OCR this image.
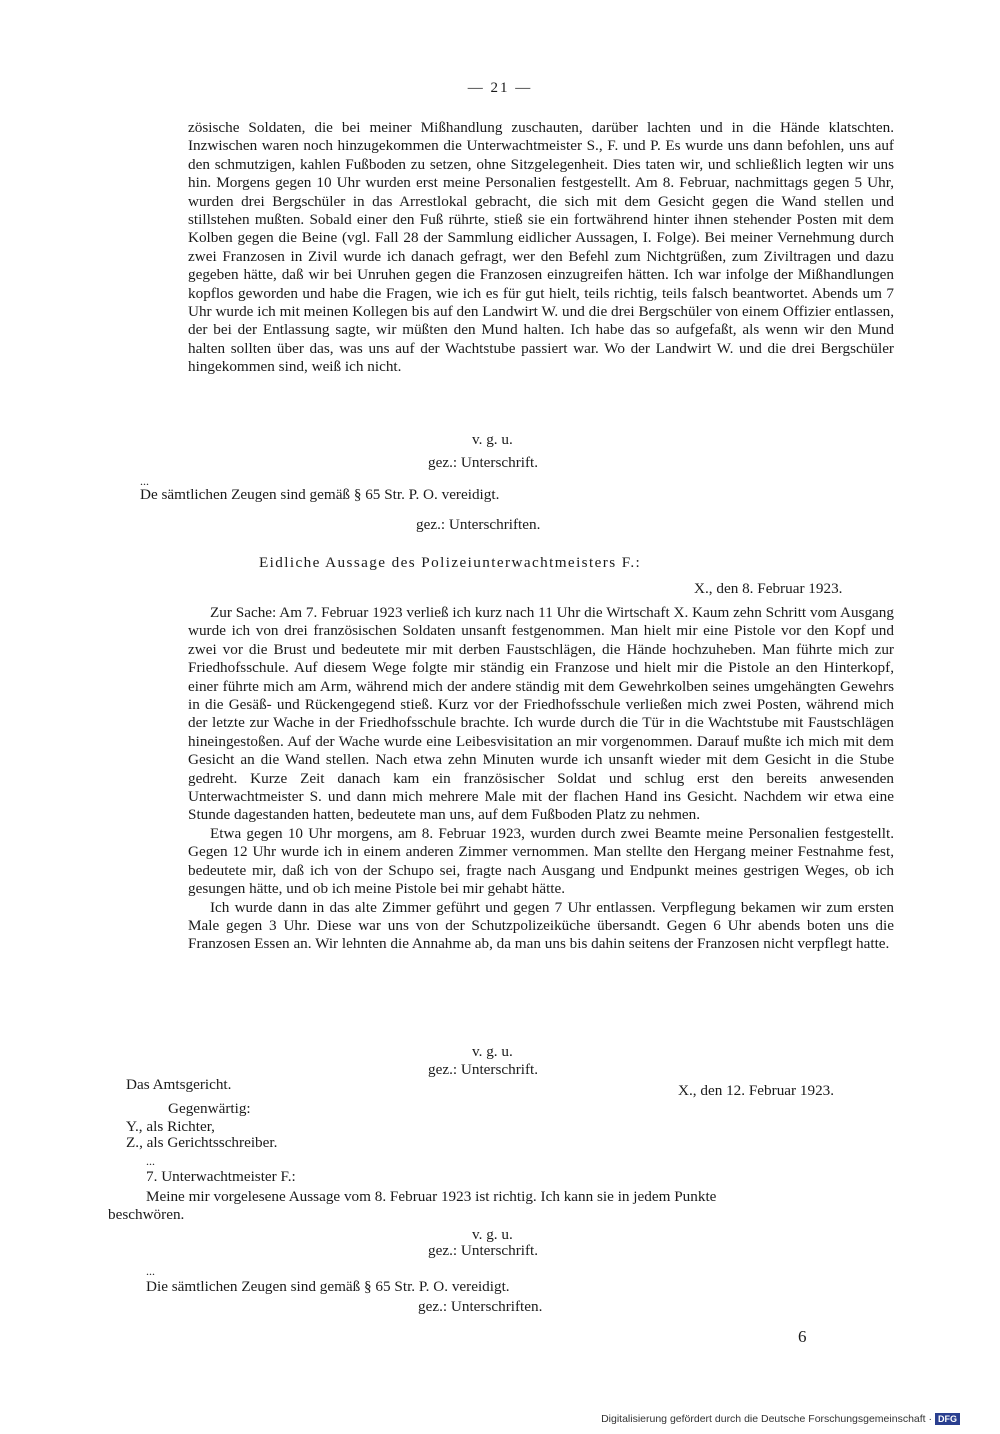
— 21 —

zösische Soldaten, die bei meiner Mißhandlung zuschauten, darüber lachten und in die Hände klatschten. Inzwischen waren noch hinzugekommen die Unterwachtmeister S., F. und P. Es wurde uns dann befohlen, uns auf den schmutzigen, kahlen Fußboden zu setzen, ohne Sitzgelegenheit. Dies taten wir, und schließlich legten wir uns hin. Morgens gegen 10 Uhr wurden erst meine Personalien festgestellt. Am 8. Februar, nachmittags gegen 5 Uhr, wurden drei Bergschüler in das Arrestlokal gebracht, die sich mit dem Gesicht gegen die Wand stellen und stillstehen mußten. Sobald einer den Fuß rührte, stieß sie ein fortwährend hinter ihnen stehender Posten mit dem Kolben gegen die Beine (vgl. Fall 28 der Sammlung eidlicher Aussagen, I. Folge). Bei meiner Vernehmung durch zwei Franzosen in Zivil wurde ich danach gefragt, wer den Befehl zum Nichtgrüßen, zum Ziviltragen und dazu gegeben hätte, daß wir bei Unruhen gegen die Franzosen einzugreifen hätten. Ich war infolge der Mißhandlungen kopflos geworden und habe die Fragen, wie ich es für gut hielt, teils richtig, teils falsch beantwortet. Abends um 7 Uhr wurde ich mit meinen Kollegen bis auf den Landwirt W. und die drei Bergschüler von einem Offizier entlassen, der bei der Entlassung sagte, wir müßten den Mund halten. Ich habe das so aufgefaßt, als wenn wir den Mund halten sollten über das, was uns auf der Wachtstube passiert war. Wo der Landwirt W. und die drei Bergschüler hingekommen sind, weiß ich nicht.

v. g. u.
gez.: Unterschrift.
...
De sämtlichen Zeugen sind gemäß § 65 Str. P. O. vereidigt.
gez.: Unterschriften.
Eidliche Aussage des Polizeiunterwachtmeisters F.:
X., den 8. Februar 1923.

Zur Sache: Am 7. Februar 1923 verließ ich kurz nach 11 Uhr die Wirtschaft X. Kaum zehn Schritt vom Ausgang wurde ich von drei französischen Soldaten unsanft festgenommen. Man hielt mir eine Pistole vor den Kopf und zwei vor die Brust und bedeutete mir mit derben Faustschlägen, die Hände hochzuheben. Man führte mich zur Friedhofsschule. Auf diesem Wege folgte mir ständig ein Franzose und hielt mir die Pistole an den Hinterkopf, einer führte mich am Arm, während mich der andere ständig mit dem Gewehrkolben seines umgehängten Gewehrs in die Gesäß- und Rückengegend stieß. Kurz vor der Friedhofsschule verließen mich zwei Posten, während mich der letzte zur Wache in der Friedhofsschule brachte. Ich wurde durch die Tür in die Wachtstube mit Faustschlägen hineingestoßen. Auf der Wache wurde eine Leibesvisitation an mir vorgenommen. Darauf mußte ich mich mit dem Gesicht an die Wand stellen. Nach etwa zehn Minuten wurde ich unsanft wieder mit dem Gesicht in die Stube gedreht. Kurze Zeit danach kam ein französischer Soldat und schlug erst den bereits anwesenden Unterwachtmeister S. und dann mich mehrere Male mit der flachen Hand ins Gesicht. Nachdem wir etwa eine Stunde dagestanden hatten, bedeutete man uns, auf dem Fußboden Platz zu nehmen.

Etwa gegen 10 Uhr morgens, am 8. Februar 1923, wurden durch zwei Beamte meine Personalien festgestellt. Gegen 12 Uhr wurde ich in einem anderen Zimmer vernommen. Man stellte den Hergang meiner Festnahme fest, bedeutete mir, daß ich von der Schupo sei, fragte nach Ausgang und Endpunkt meines gestrigen Weges, ob ich gesungen hätte, und ob ich meine Pistole bei mir gehabt hätte.

Ich wurde dann in das alte Zimmer geführt und gegen 7 Uhr entlassen. Verpflegung bekamen wir zum ersten Male gegen 3 Uhr. Diese war uns von der Schutzpolizeiküche übersandt. Gegen 6 Uhr abends boten uns die Franzosen Essen an. Wir lehnten die Annahme ab, da man uns bis dahin seitens der Franzosen nicht verpflegt hatte.

v. g. u.
gez.: Unterschrift.
Das Amtsgericht.	X., den 12. Februar 1923.
Gegenwärtig:
Y., als Richter,
Z., als Gerichtsschreiber.
...
7. Unterwachtmeister F.:
Meine mir vorgelesene Aussage vom 8. Februar 1923 ist richtig. Ich kann sie in jedem Punkte
beschwören.
v. g. u.
gez.: Unterschrift.
...
Die sämtlichen Zeugen sind gemäß § 65 Str. P. O. vereidigt.
gez.: Unterschriften.
6
Digitalisierung gefördert durch die Deutsche Forschungsgemeinschaft · DFG
